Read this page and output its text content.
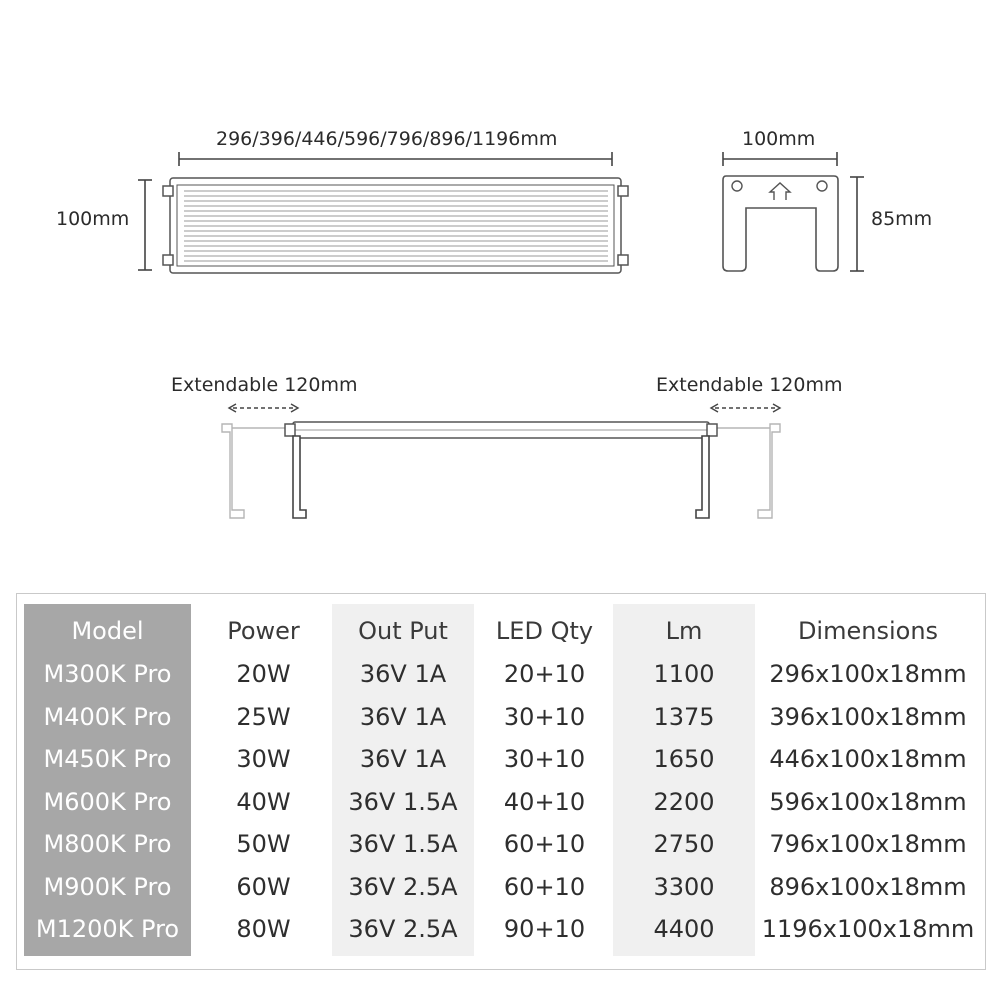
296/396/446/596/796/896/1196mm
100mm
100mm
85mm
Extendable 120mm	Extendable 120mm
Model	Power	Out Put	LED Qty	Lm	Dimensions
M300K Pro	20W	36V 1A	20+10	1100	296x100x18mm
M400K Pro	25W	36V 1A	30+10	1375	396x100x18mm
M450K Pro	30W	36V 1A	30+10	1650	446x100x18mm
M600K Pro	40W	36V 1.5A	40+10	2200	596x100x18mm
M800K Pro	50W	36V 1.5A	60+10	2750	796x100x18mm
M900K Pro	60W	36V 2.5A	60+10	3300	896x100x18mm
M1200K Pro	80W	36V 2.5A	90+10	4400	1196x100x18mm
